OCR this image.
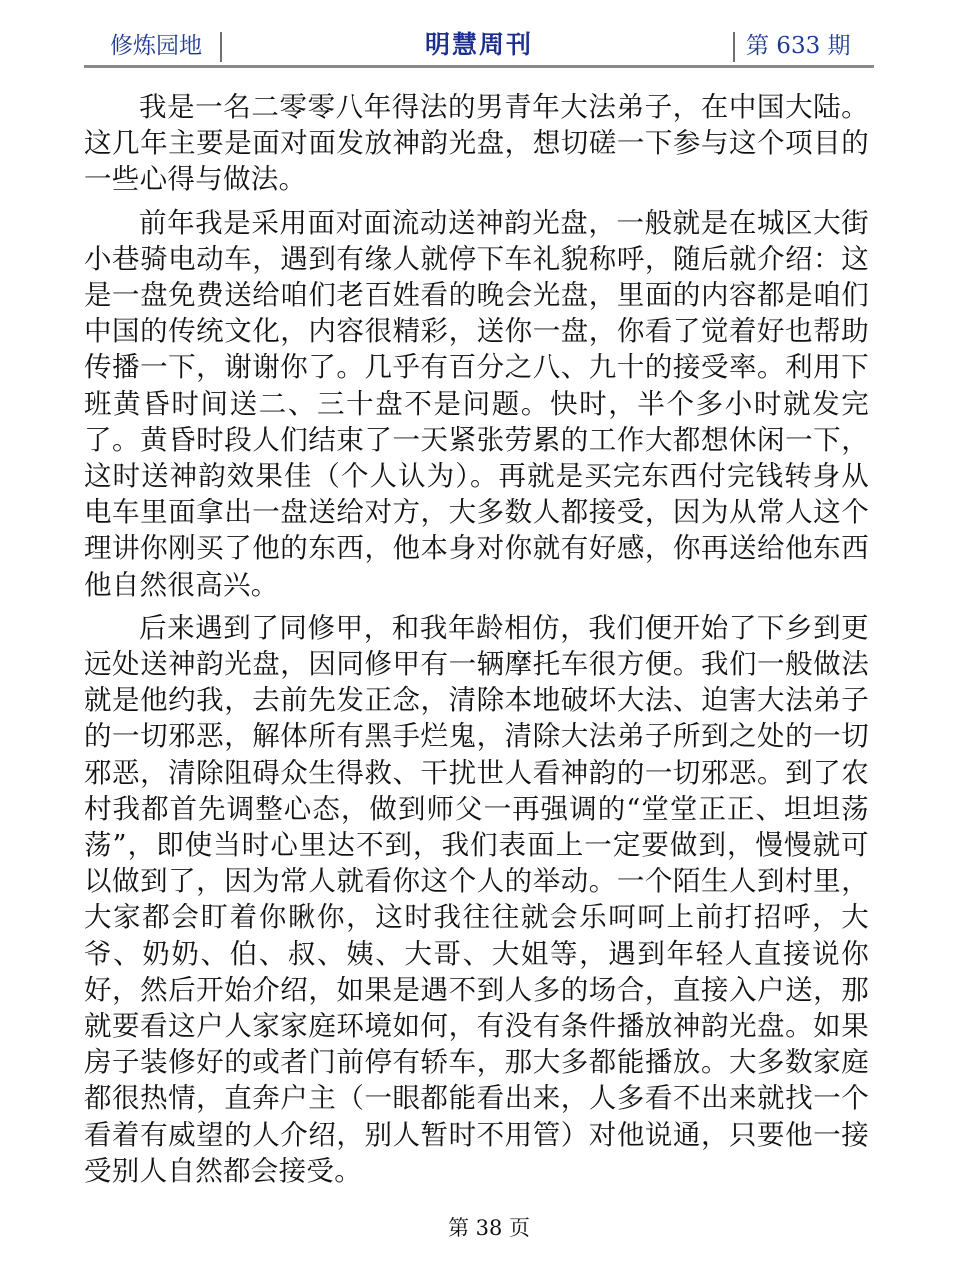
修炼园地	明慧周刊	第 633 期

我是一名二零零八年得法的男青年大法弟子，在中国大陆。这几年主要是面对面发放神韵光盘，想切磋一下参与这个项目的一些心得与做法。

前年我是采用面对面流动送神韵光盘，一般就是在城区大街小巷骑电动车，遇到有缘人就停下车礼貌称呼，随后就介绍：这是一盘免费送给咱们老百姓看的晚会光盘，里面的内容都是咱们中国的传统文化，内容很精彩，送你一盘，你看了觉着好也帮助传播一下，谢谢你了。几乎有百分之八、九十的接受率。利用下班黄昏时间送二、三十盘不是问题。快时，半个多小时就发完了。黄昏时段人们结束了一天紧张劳累的工作大都想休闲一下，这时送神韵效果佳（个人认为）。再就是买完东西付完钱转身从电车里面拿出一盘送给对方，大多数人都接受，因为从常人这个理讲你刚买了他的东西，他本身对你就有好感，你再送给他东西他自然很高兴。

后来遇到了同修甲，和我年龄相仿，我们便开始了下乡到更远处送神韵光盘，因同修甲有一辆摩托车很方便。我们一般做法就是他约我，去前先发正念，清除本地破坏大法、迫害大法弟子的一切邪恶，解体所有黑手烂鬼，清除大法弟子所到之处的一切邪恶，清除阻碍众生得救、干扰世人看神韵的一切邪恶。到了农村我都首先调整心态，做到师父一再强调的“堂堂正正、坦坦荡荡”，即使当时心里达不到，我们表面上一定要做到，慢慢就可以做到了，因为常人就看你这个人的举动。一个陌生人到村里，大家都会盯着你瞅你，这时我往往就会乐呵呵上前打招呼，大爷、奶奶、伯、叔、姨、大哥、大姐等，遇到年轻人直接说你好，然后开始介绍，如果是遇不到人多的场合，直接入户送，那就要看这户人家家庭环境如何，有没有条件播放神韵光盘。如果房子装修好的或者门前停有轿车，那大多都能播放。大多数家庭都很热情，直奔户主（一眼都能看出来，人多看不出来就找一个看着有威望的人介绍，别人暂时不用管）对他说通，只要他一接受别人自然都会接受。

第 38 页
